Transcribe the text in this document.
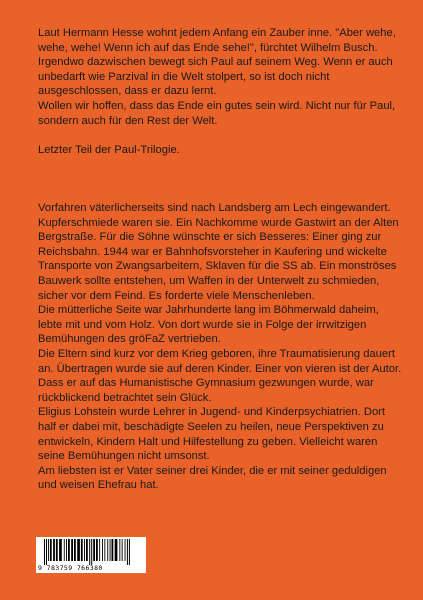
Laut Hermann Hesse wohnt jedem Anfang ein Zauber inne. "Aber wehe, wehe, wehe! Wenn ich auf das Ende sehe!", fürchtet Wilhelm Busch.

Irgendwo dazwischen bewegt sich Paul auf seinem Weg. Wenn er auch unbedarft wie Parzival in die Welt stolpert, so ist doch nicht ausgeschlossen, dass er dazu lernt.

Wollen wir hoffen, dass das Ende ein gutes sein wird. Nicht nur für Paul, sondern auch für den Rest der Welt.

Letzter Teil der Paul-Trilogie.

Vorfahren väterlicherseits sind nach Landsberg am Lech eingewandert. Kupferschmiede waren sie. Ein Nachkomme wurde Gastwirt an der Alten Bergstraße. Für die Söhne wünschte er sich Besseres: Einer ging zur Reichsbahn. 1944 war er Bahnhofsvorsteher in Kaufering und wickelte Transporte von Zwangsarbeitern, Sklaven für die SS ab. Ein monströses Bauwerk sollte entstehen, um Waffen in der Unterwelt zu schmieden, sicher vor dem Feind. Es forderte viele Menschenleben.

Die mütterliche Seite war Jahrhunderte lang im Böhmerwald daheim, lebte mit und vom Holz. Von dort wurde sie in Folge der irrwitzigen Bemühungen des gröFaZ vertrieben.

Die Eltern sind kurz vor dem Krieg geboren, ihre Traumatisierung dauert an. Übertragen wurde sie auf deren Kinder. Einer von vieren ist der Autor.

Dass er auf das Humanistische Gymnasium gezwungen wurde, war rückblickend betrachtet sein Glück.

Eligius Lohstein wurde Lehrer in Jugend- und Kinderpsychiatrien. Dort half er dabei mit, beschädigte Seelen zu heilen, neue Perspektiven zu entwickeln, Kindern Halt und Hilfestellung zu geben. Vielleicht waren seine Bemühungen nicht umsonst.

Am liebsten ist er Vater seiner drei Kinder, die er mit seiner geduldigen und weisen Ehefrau hat.

9 783759 766380
